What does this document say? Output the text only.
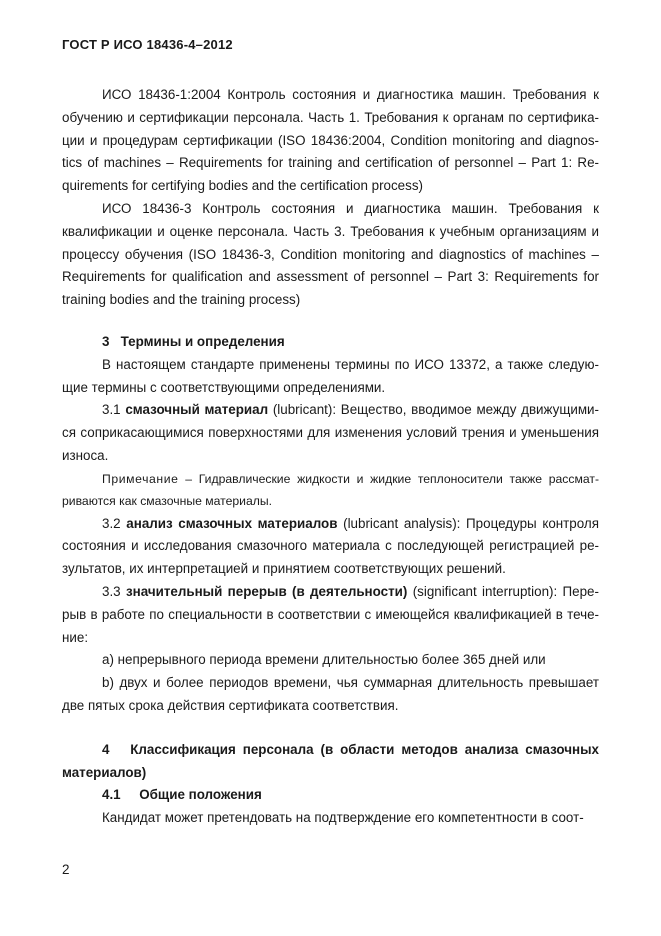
ГОСТ Р ИСО 18436-4–2012

ИСО 18436-1:2004 Контроль состояния и диагностика машин. Требования к обучению и сертификации персонала. Часть 1. Требования к органам по сертификации и процедурам сертификации (ISO 18436:2004, Condition monitoring and diagnostics of machines – Requirements for training and certification of personnel – Part 1: Requirements for certifying bodies and the certification process)

ИСО 18436-3 Контроль состояния и диагностика машин. Требования к квалификации и оценке персонала. Часть 3. Требования к учебным организациям и процессу обучения (ISO 18436-3, Condition monitoring and diagnostics of machines – Requirements for qualification and assessment of personnel – Part 3: Requirements for training bodies and the training process)

3 Термины и определения

В настоящем стандарте применены термины по ИСО 13372, а также следующие термины с соответствующими определениями.

3.1 смазочный материал (lubricant): Вещество, вводимое между движущимися соприкасающимися поверхностями для изменения условий трения и уменьшения износа.

Примечание – Гидравлические жидкости и жидкие теплоносители также рассматриваются как смазочные материалы.

3.2 анализ смазочных материалов (lubricant analysis): Процедуры контроля состояния и исследования смазочного материала с последующей регистрацией результатов, их интерпретацией и принятием соответствующих решений.

3.3 значительный перерыв (в деятельности) (significant interruption): Перерыв в работе по специальности в соответствии с имеющейся квалификацией в течение:

а) непрерывного периода времени длительностью более 365 дней или

b) двух и более периодов времени, чья суммарная длительность превышает две пятых срока действия сертификата соответствия.

4 Классификация персонала (в области методов анализа смазочных материалов)

4.1 Общие положения

Кандидат может претендовать на подтверждение его компетентности в соот-

2
